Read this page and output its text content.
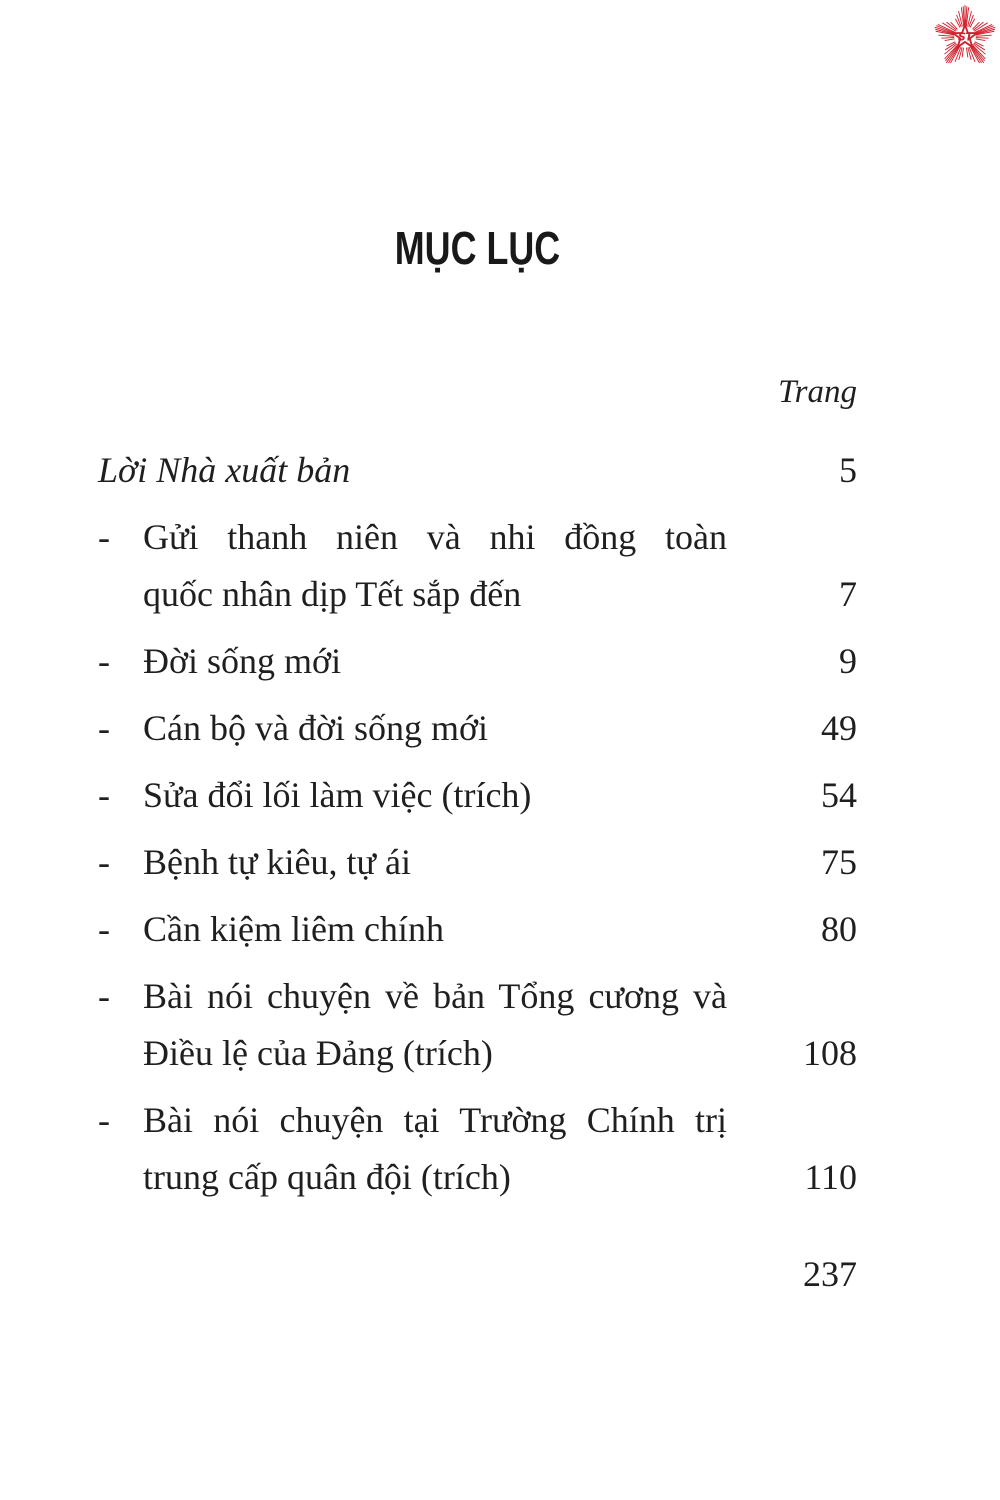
ST
MỤC LỤC
Trang
Lời Nhà xuất bản	5
- Gửi thanh niên và nhi đồng toàn
quốc nhân dịp Tết sắp đến	7
- Đời sống mới	9
- Cán bộ và đời sống mới	49
- Sửa đổi lối làm việc (trích)	54
- Bệnh tự kiêu, tự ái	75
- Cần kiệm liêm chính	80
- Bài nói chuyện về bản Tổng cương và
Điều lệ của Đảng (trích)	108
- Bài nói chuyện tại Trường Chính trị
trung cấp quân đội (trích)	110
237
